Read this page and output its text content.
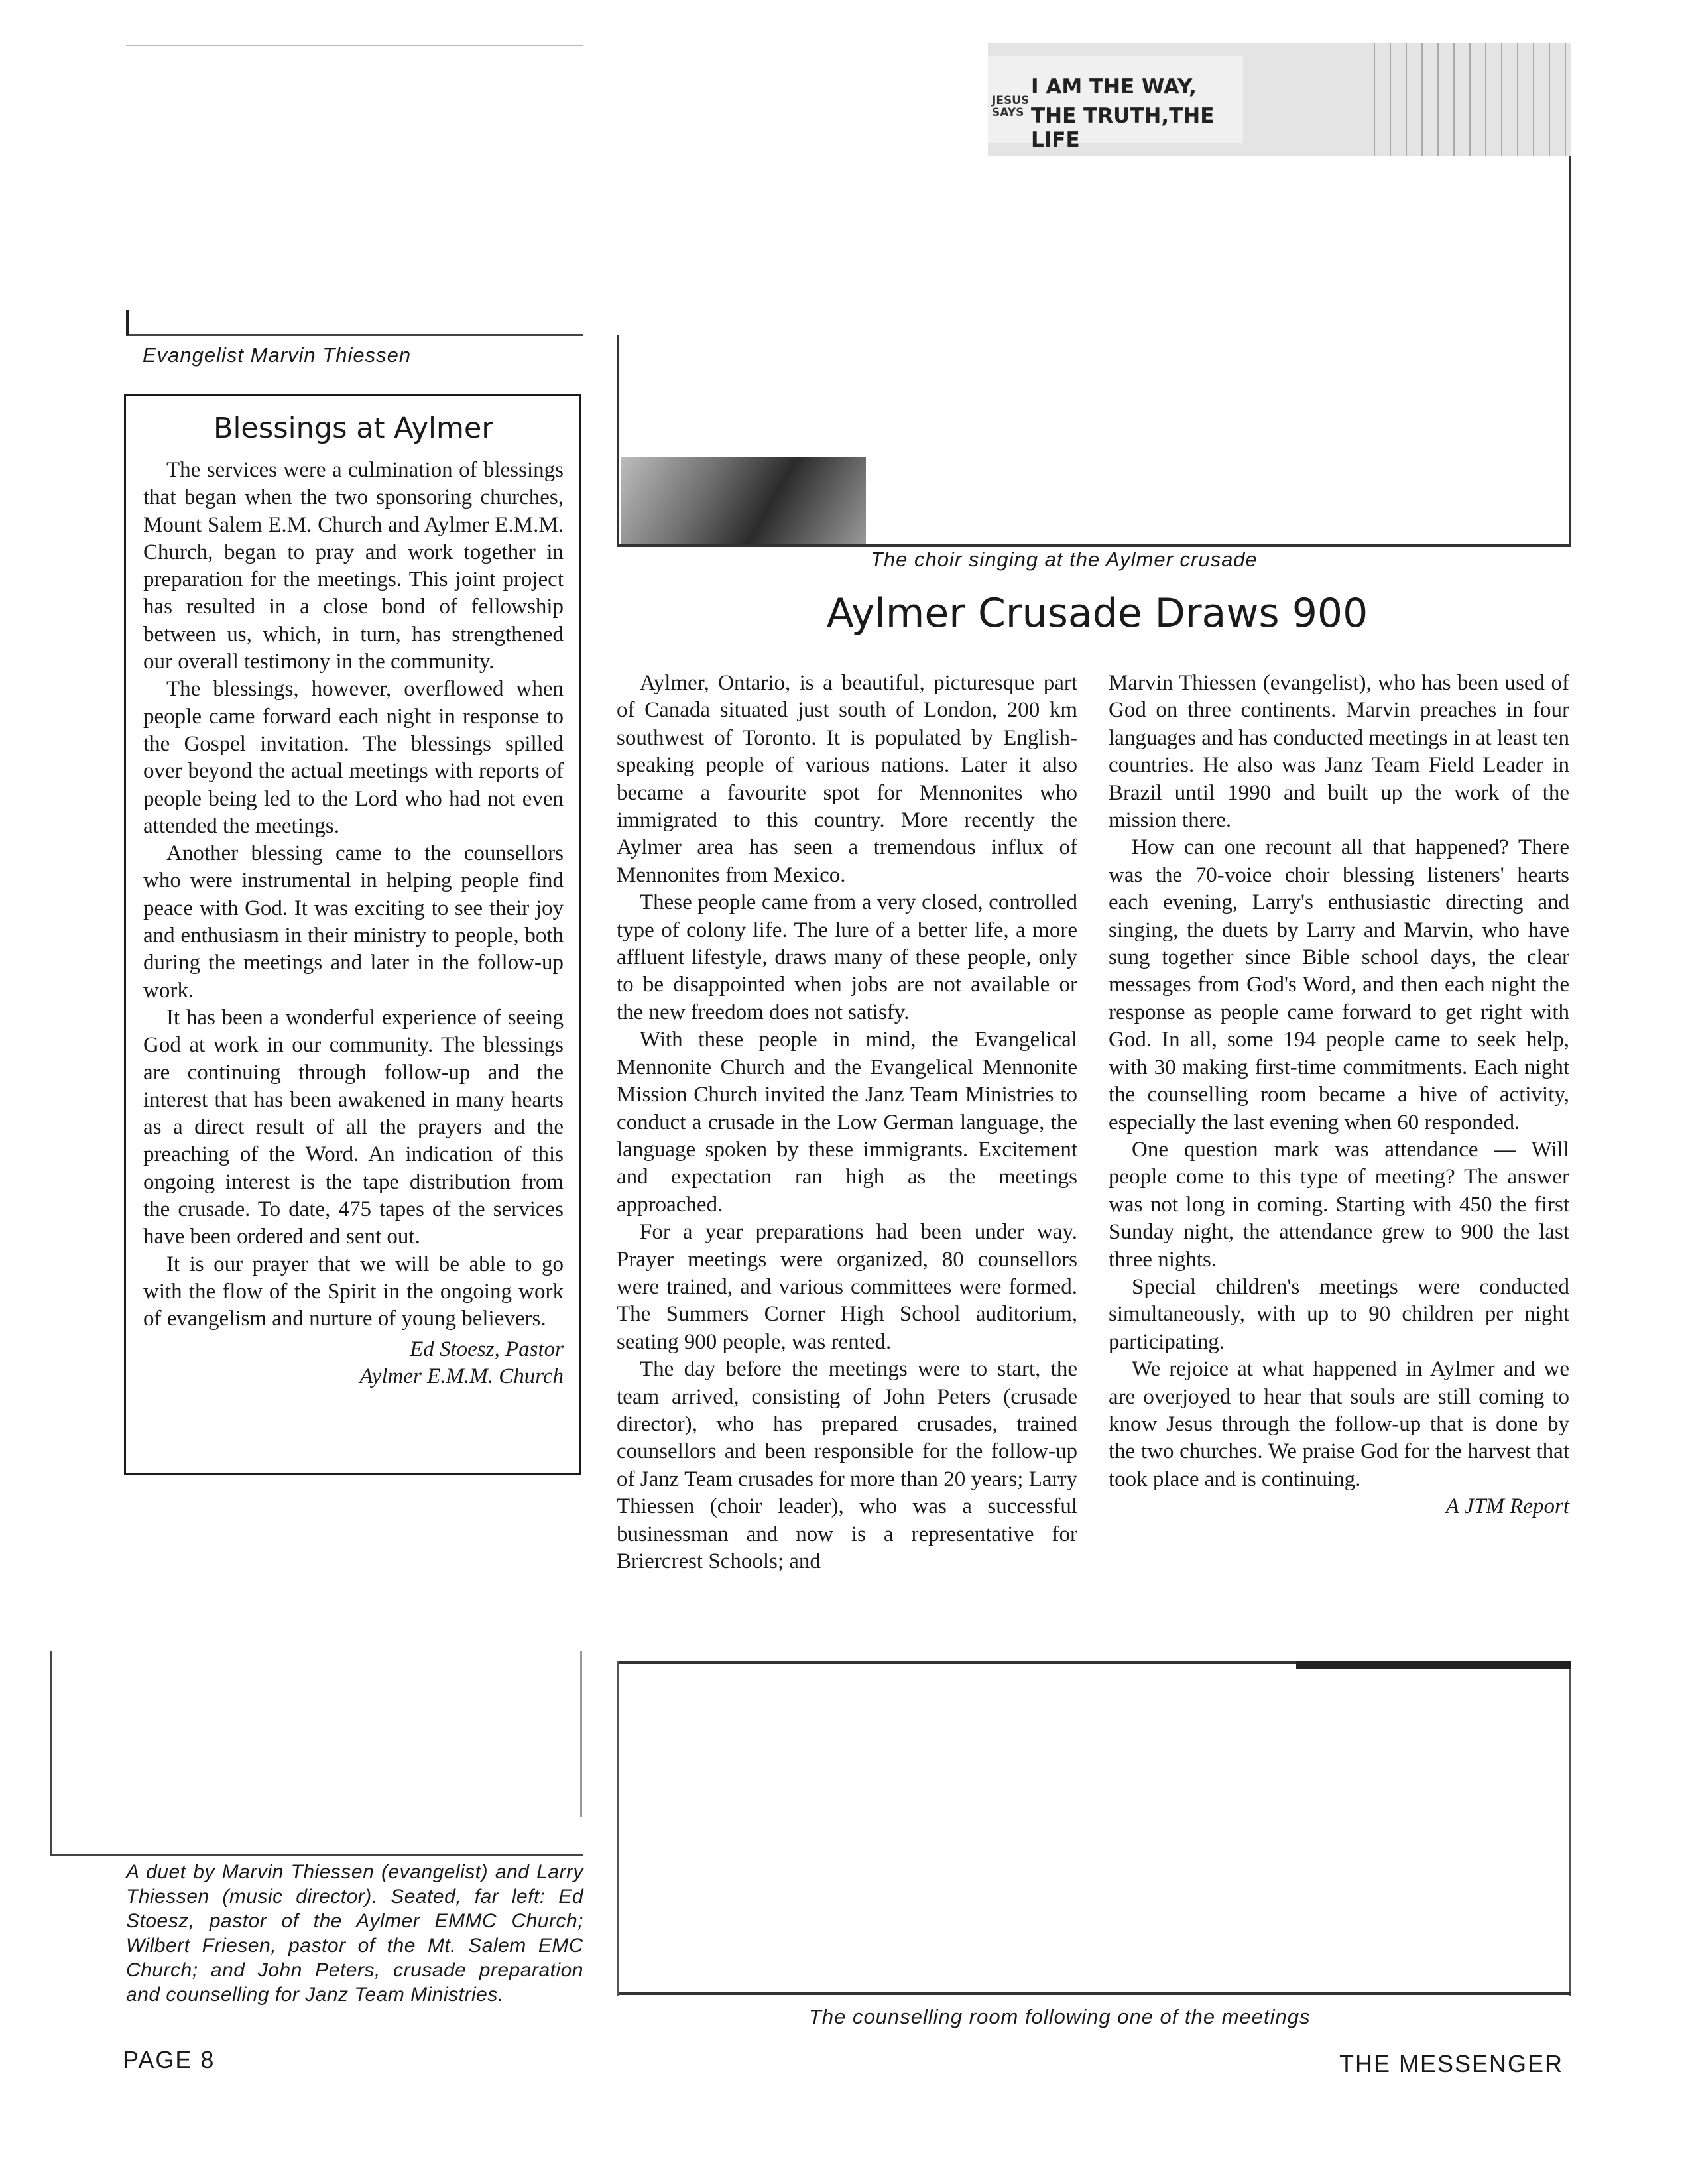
Evangelist Marvin Thiessen
JESUS SAYS
I AM THE WAY,
THE TRUTH,THE LIFE
The choir singing at the Aylmer crusade
Blessings at Aylmer

The services were a culmination of blessings that began when the two sponsoring churches, Mount Salem E.M. Church and Aylmer E.M.M. Church, began to pray and work together in preparation for the meetings. This joint project has resulted in a close bond of fellowship between us, which, in turn, has strengthened our overall testimony in the community.

The blessings, however, overflowed when people came forward each night in response to the Gospel invitation. The blessings spilled over beyond the actual meetings with reports of people being led to the Lord who had not even attended the meetings.

Another blessing came to the counsellors who were instrumental in helping people find peace with God. It was exciting to see their joy and enthusiasm in their ministry to people, both during the meetings and later in the follow-up work.

It has been a wonderful experience of seeing God at work in our community. The blessings are continuing through follow-up and the interest that has been awakened in many hearts as a direct result of all the prayers and the preaching of the Word. An indication of this ongoing interest is the tape distribution from the crusade. To date, 475 tapes of the services have been ordered and sent out.

It is our prayer that we will be able to go with the flow of the Spirit in the ongoing work of evangelism and nurture of young believers.

Ed Stoesz, Pastor
Aylmer E.M.M. Church
Aylmer Crusade Draws 900

Aylmer, Ontario, is a beautiful, picturesque part of Canada situated just south of London, 200 km southwest of Toronto. It is populated by English-speaking people of various nations. Later it also became a favourite spot for Mennonites who immigrated to this country. More recently the Aylmer area has seen a tremendous influx of Mennonites from Mexico.

These people came from a very closed, controlled type of colony life. The lure of a better life, a more affluent lifestyle, draws many of these people, only to be disappointed when jobs are not available or the new freedom does not satisfy.

With these people in mind, the Evangelical Mennonite Church and the Evangelical Mennonite Mission Church invited the Janz Team Ministries to conduct a crusade in the Low German language, the language spoken by these immigrants. Excitement and expectation ran high as the meetings approached.

For a year preparations had been under way. Prayer meetings were organized, 80 counsellors were trained, and various committees were formed. The Summers Corner High School auditorium, seating 900 people, was rented.

The day before the meetings were to start, the team arrived, consisting of John Peters (crusade director), who has prepared crusades, trained counsellors and been responsible for the follow-up of Janz Team crusades for more than 20 years; Larry Thiessen (choir leader), who was a successful businessman and now is a representative for Briercrest Schools; and

Marvin Thiessen (evangelist), who has been used of God on three continents. Marvin preaches in four languages and has conducted meetings in at least ten countries. He also was Janz Team Field Leader in Brazil until 1990 and built up the work of the mission there.

How can one recount all that happened? There was the 70-voice choir blessing listeners' hearts each evening, Larry's enthusiastic directing and singing, the duets by Larry and Marvin, who have sung together since Bible school days, the clear messages from God's Word, and then each night the response as people came forward to get right with God. In all, some 194 people came to seek help, with 30 making first-time commitments. Each night the counselling room became a hive of activity, especially the last evening when 60 responded.

One question mark was attendance — Will people come to this type of meeting? The answer was not long in coming. Starting with 450 the first Sunday night, the attendance grew to 900 the last three nights.

Special children's meetings were conducted simultaneously, with up to 90 children per night participating.

We rejoice at what happened in Aylmer and we are overjoyed to hear that souls are still coming to know Jesus through the follow-up that is done by the two churches. We praise God for the harvest that took place and is continuing.

A JTM Report
A duet by Marvin Thiessen (evangelist) and Larry Thiessen (music director). Seated, far left: Ed Stoesz, pastor of the Aylmer EMMC Church; Wilbert Friesen, pastor of the Mt. Salem EMC Church; and John Peters, crusade preparation and counselling for Janz Team Ministries.
The counselling room following one of the meetings
PAGE 8	THE MESSENGER
